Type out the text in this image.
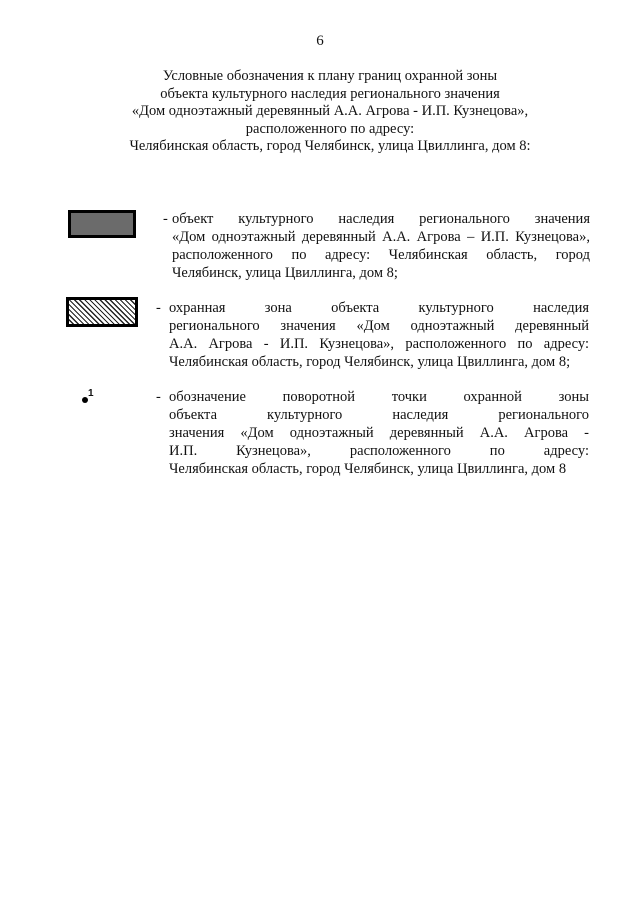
6
Условные обозначения к плану границ охранной зоны
объекта культурного наследия регионального значения
«Дом одноэтажный деревянный А.А. Агрова - И.П. Кузнецова»,
расположенного по адресу:
Челябинская область, город Челябинск, улица Цвиллинга, дом 8:
- объект культурного наследия регионального значения
«Дом одноэтажный деревянный А.А. Агрова – И.П. Кузнецова»,
расположенного по адресу: Челябинская область, город
Челябинск, улица Цвиллинга, дом 8;
- охранная зона объекта культурного наследия
регионального значения «Дом одноэтажный деревянный
А.А. Агрова - И.П. Кузнецова», расположенного по адресу:
Челябинская область, город Челябинск, улица Цвиллинга, дом 8;
1	- обозначение поворотной точки охранной зоны
объекта культурного наследия регионального
значения «Дом одноэтажный деревянный А.А. Агрова -
И.П. Кузнецова», расположенного по адресу:
Челябинская область, город Челябинск, улица Цвиллинга, дом 8
